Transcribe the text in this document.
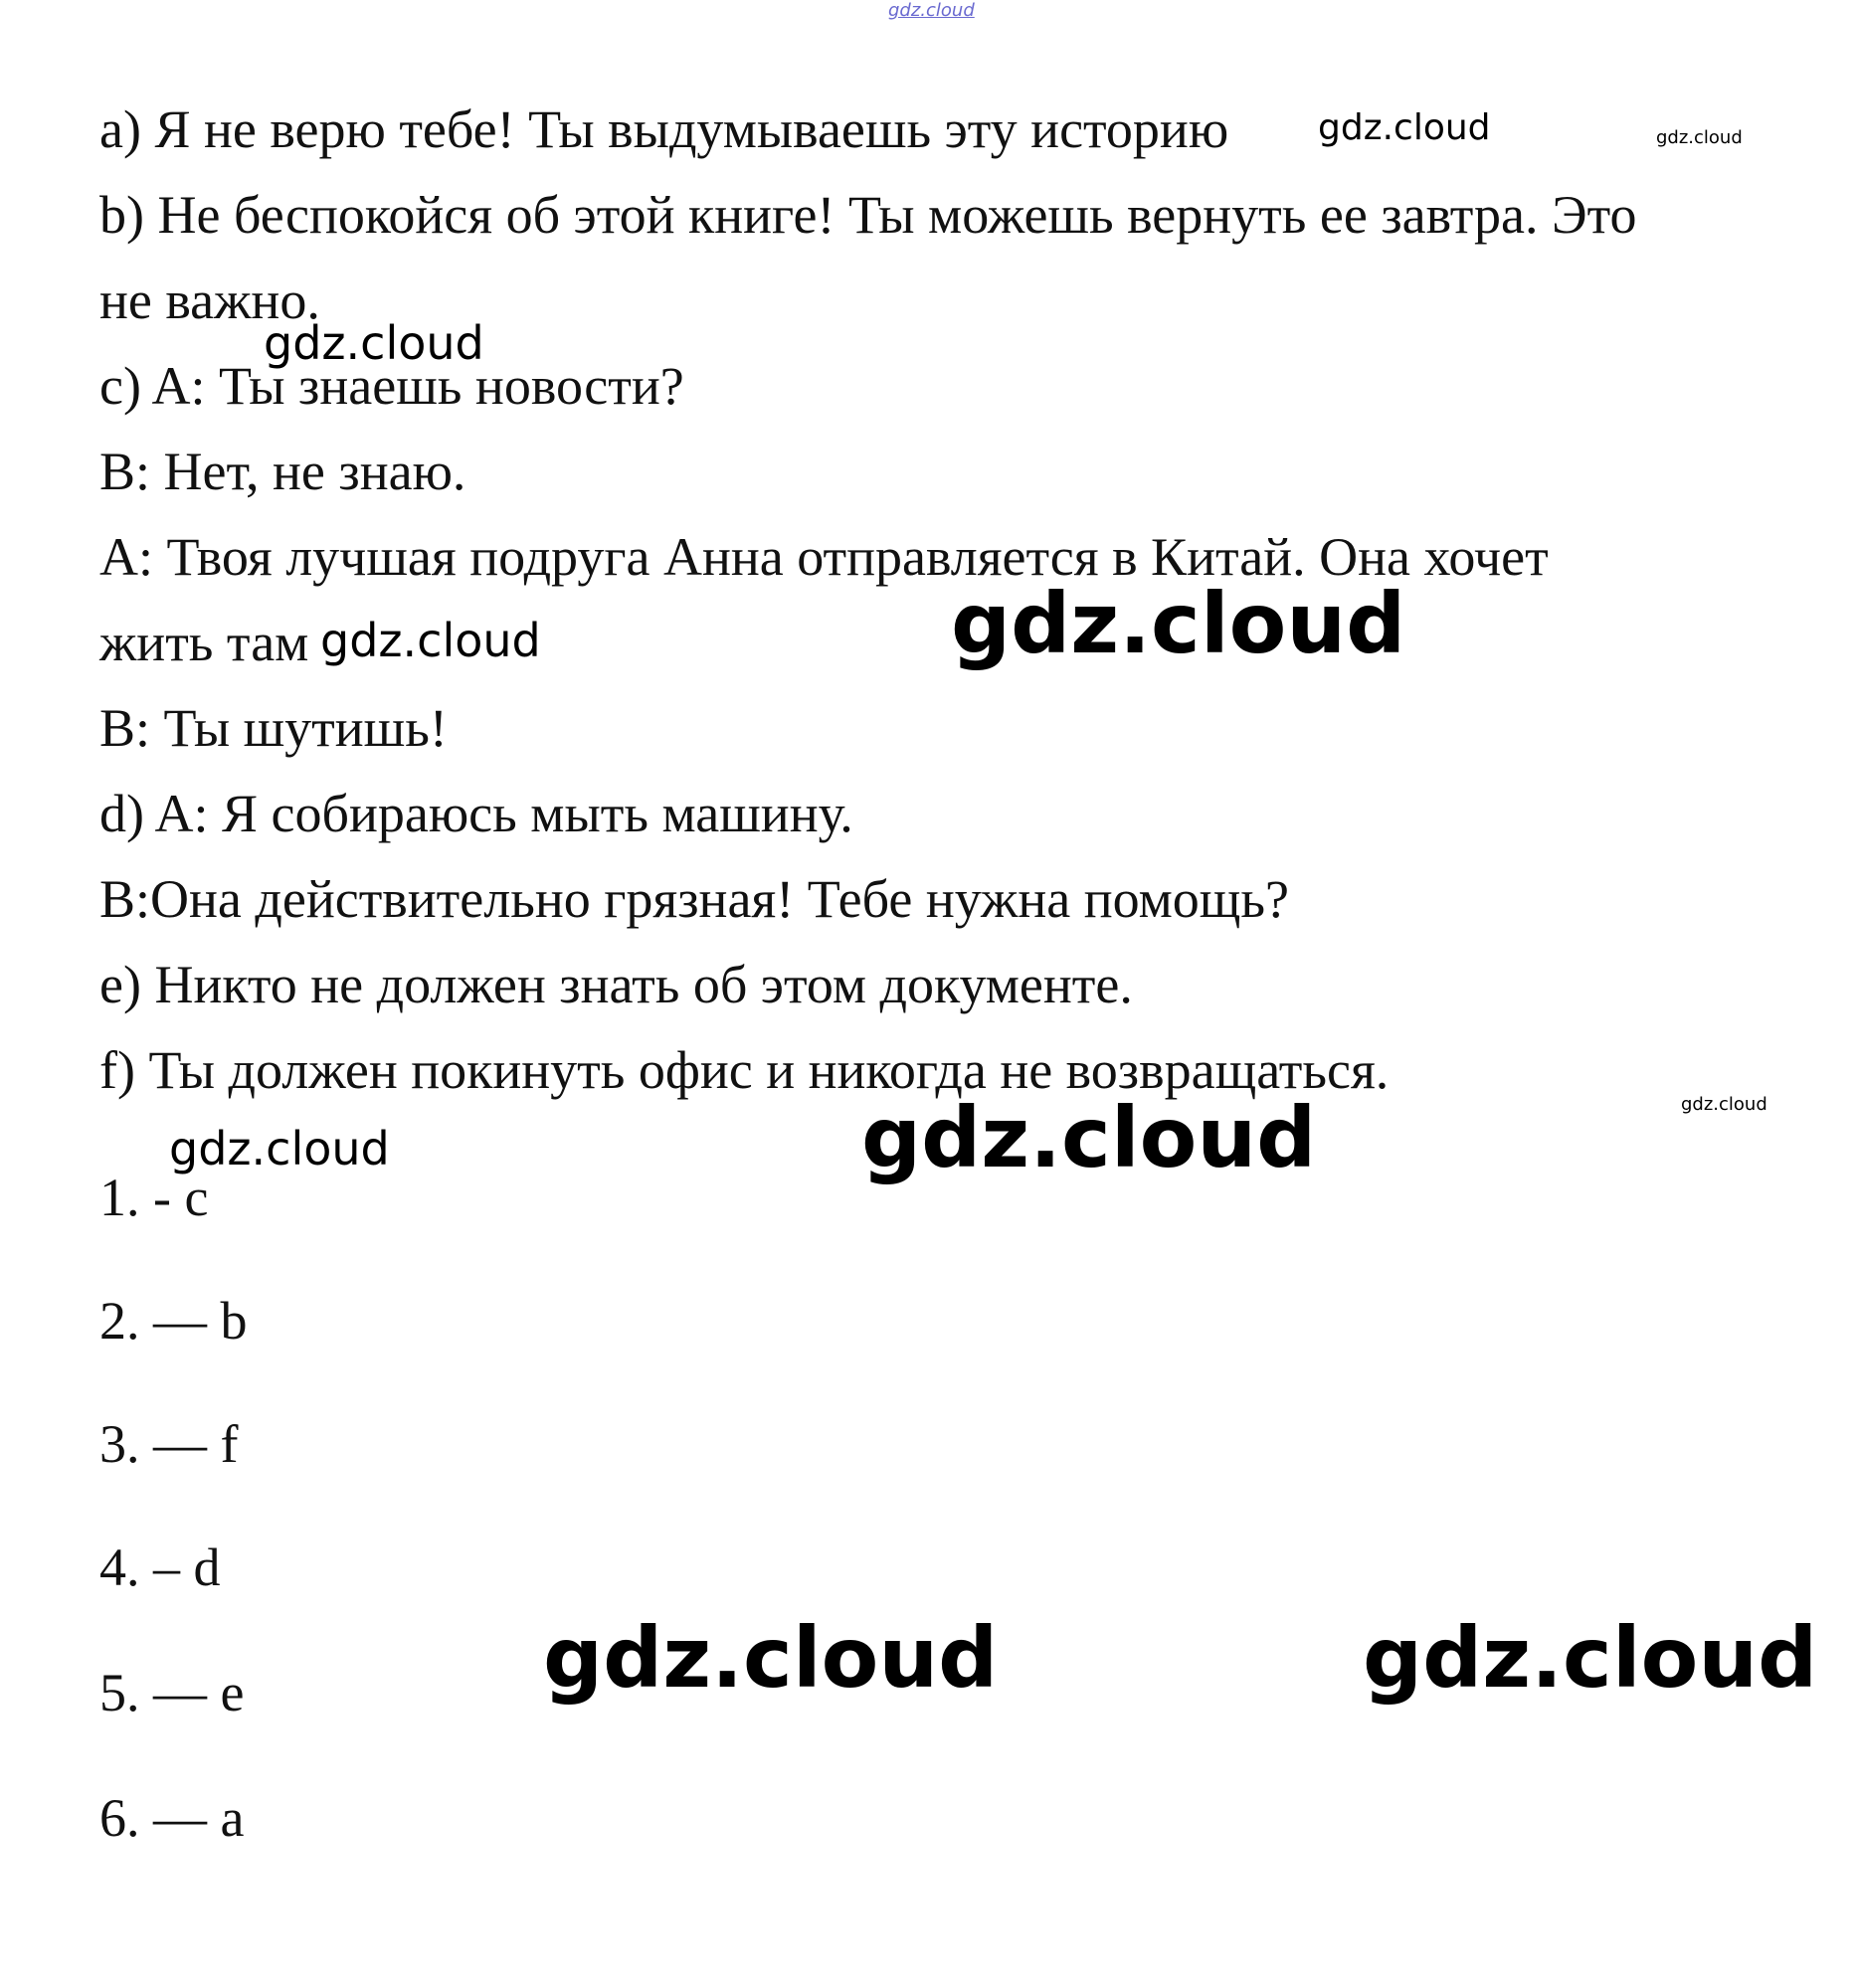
a) Я не верю тебе! Ты выдумываешь эту историю
b) Не беспокойся об этой книге! Ты можешь вернуть ее завтра. Это
не важно.
c) A: Ты знаешь новости?
B: Нет, не знаю.
A: Твоя лучшая подруга Анна отправляется в Китай. Она хочет
жить там
B: Ты шутишь!
d) A: Я собираюсь мыть машину.
B:Она действительно грязная! Тебе нужна помощь?
e) Никто не должен знать об этом документе.
f) Ты должен покинуть офис и никогда не возвращаться.
1. - c
2. — b
3. — f
4. – d
5. — e
6. — a
gdz.cloud
gdz.cloud	gdz.cloud
gdz.cloud
gdz.cloud
gdz.cloud
gdz.cloud	gdz.cloud
gdz.cloud
gdz.cloud	gdz.cloud
